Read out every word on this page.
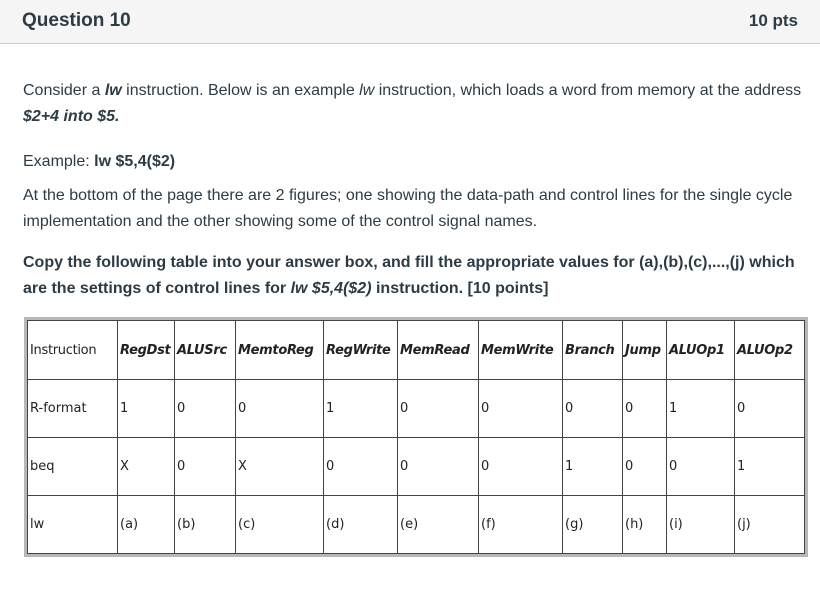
Question 10	10 pts
Consider a lw instruction. Below is an example lw instruction, which loads a word from memory at the address $2+4 into $5.
Example: lw $5,4($2)
At the bottom of the page there are 2 figures; one showing the data-path and control lines for the single cycle implementation and the other showing some of the control signal names.
Copy the following table into your answer box, and fill the appropriate values for (a),(b),(c),...,(j) which are the settings of control lines for lw $5,4($2) instruction. [10 points]
Instruction	RegDst	ALUSrc	MemtoReg	RegWrite	MemRead	MemWrite	Branch	Jump	ALUOp1	ALUOp2
R-format	1	0	0	1	0	0	0	0	1	0
beq	X	0	X	0	0	0	1	0	0	1
lw	(a)	(b)	(c)	(d)	(e)	(f)	(g)	(h)	(i)	(j)
